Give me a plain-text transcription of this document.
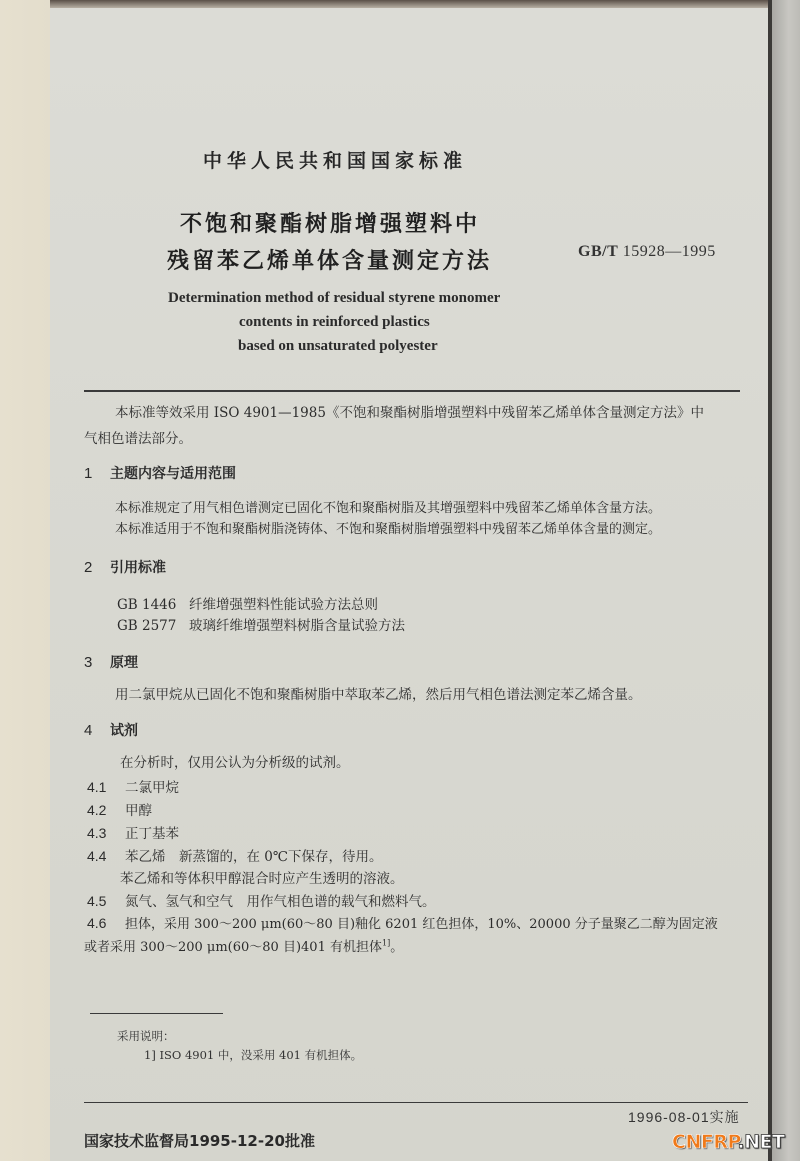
中华人民共和国国家标准
不饱和聚酯树脂增强塑料中
残留苯乙烯单体含量测定方法	GB/T 15928—1995
Determination method of residual styrene monomer
contents in reinforced plastics
based on unsaturated polyester
本标准等效采用 ISO 4901—1985《不饱和聚酯树脂增强塑料中残留苯乙烯单体含量测定方法》中
气相色谱法部分。
1 主题内容与适用范围
本标准规定了用气相色谱测定已固化不饱和聚酯树脂及其增强塑料中残留苯乙烯单体含量方法。
本标准适用于不饱和聚酯树脂浇铸体、不饱和聚酯树脂增强塑料中残留苯乙烯单体含量的测定。
2 引用标准
GB 1446 纤维增强塑料性能试验方法总则
GB 2577 玻璃纤维增强塑料树脂含量试验方法
3 原理
用二氯甲烷从已固化不饱和聚酯树脂中萃取苯乙烯，然后用气相色谱法测定苯乙烯含量。
4 试剂
在分析时，仅用公认为分析级的试剂。
4.1 二氯甲烷
4.2 甲醇
4.3 正丁基苯
4.4 苯乙烯　新蒸馏的，在 0℃下保存，待用。
苯乙烯和等体积甲醇混合时应产生透明的溶液。
4.5 氮气、氢气和空气　用作气相色谱的载气和燃料气。
4.6 担体，采用 300～200 μm(60～80 目)釉化 6201 红色担体，10%、20000 分子量聚乙二醇为固定液
或者采用 300～200 μm(60～80 目)401 有机担体$^{1]}$。
采用说明：
1] ISO 4901 中，没采用 401 有机担体。
国家技术监督局1995-12-20批准
1996-08-01实施
CNFRP.NET
